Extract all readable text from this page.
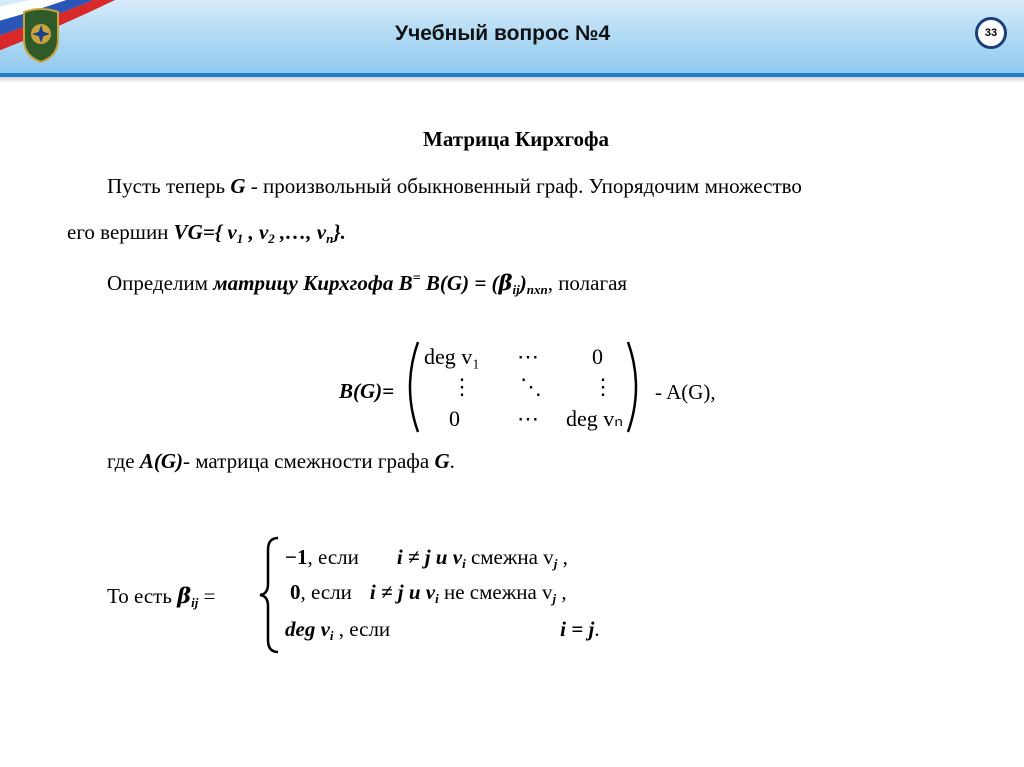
Учебный вопрос №4	33
Матрица Кирхгофа
Пусть теперь G - произвольный обыкновенный граф. Упорядочим множество
его вершин VG={ $v_1$ , $v_2$ ,…, $v_n$}.
Определим матрицу Кирхгофа B= $B(G) = (\beta_{ij})_{nxn}$, полагая
B(G)=
deg v₁ ⋯ 0
⋮ ⋱ ⋮
0	⋯ deg vₙ
- A(G),
где A(G)- матрица смежности графа G.
То есть $\beta_{ij}$ =
−1, если i ≠ j и $v_i$ смежна $v_j$ ,
0, если i ≠ j и $v_i$ не смежна $v_j$ ,
deg $v_i$ , если	i = j.
